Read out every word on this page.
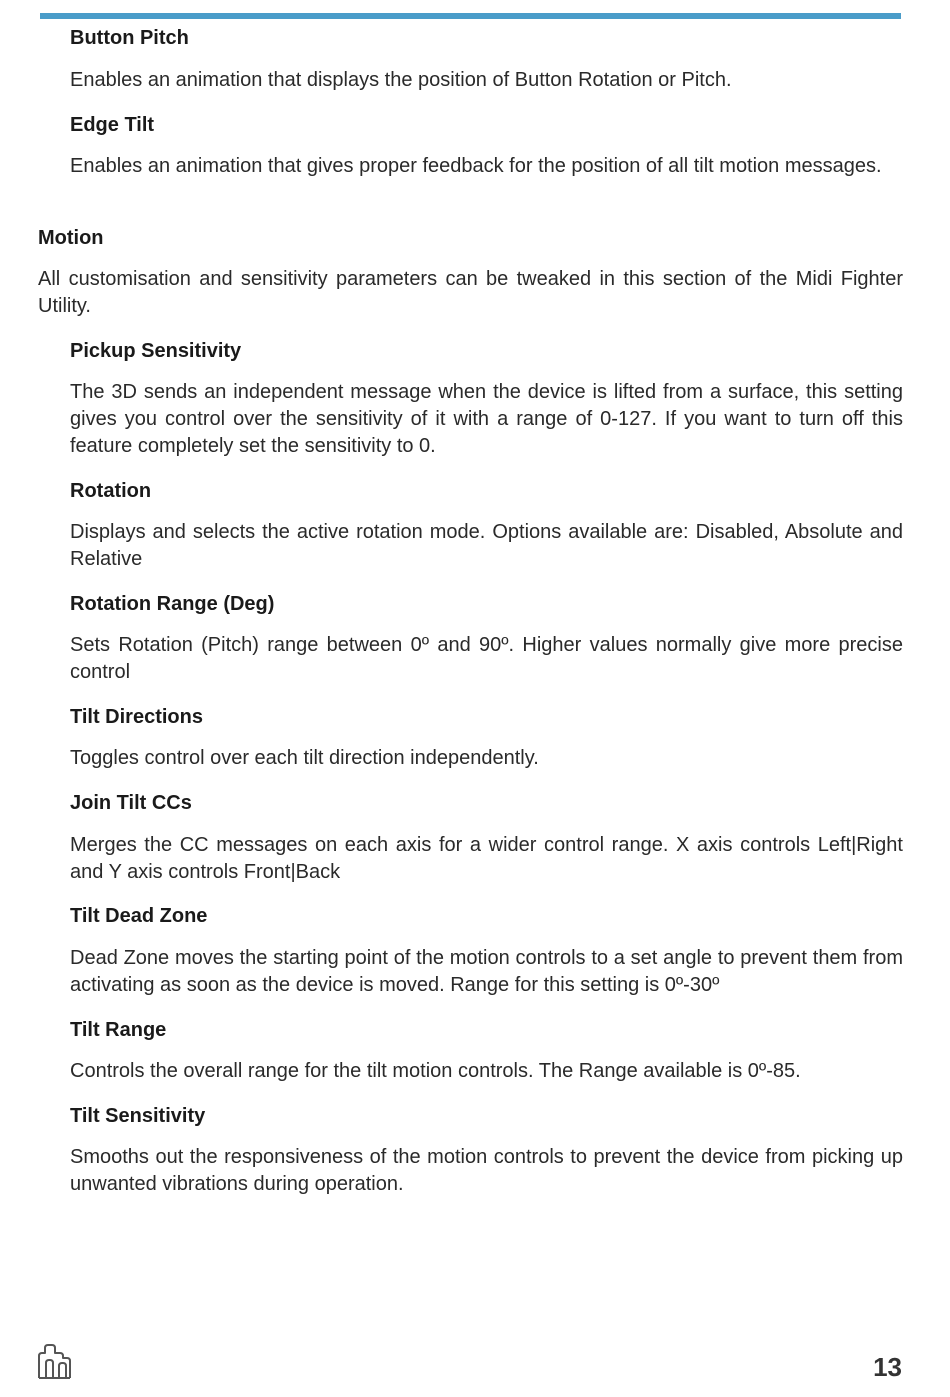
Button Pitch
Enables an animation that displays the position of Button Rotation or Pitch.
Edge Tilt
Enables an animation that gives proper feedback for the position of all tilt motion messages.
Motion
All customisation and sensitivity parameters can be tweaked in this section of the Midi Fighter Utility.
Pickup Sensitivity
The 3D sends an independent message when the device is lifted from a surface, this setting gives you control over the sensitivity of it with a range of 0-127. If you want to turn off this feature completely set the sensitivity to 0.
Rotation
Displays and selects the active rotation mode. Options available are: Disabled, Absolute and Relative
Rotation Range (Deg)
Sets Rotation (Pitch) range between 0º and 90º. Higher values normally give more precise control
Tilt Directions
Toggles control over each tilt direction independently.
Join Tilt CCs
Merges the CC messages on each axis for a wider control range. X axis controls Left|Right and Y axis controls Front|Back
Tilt Dead Zone
Dead Zone moves the starting point of the motion controls to a set angle to prevent them from activating as soon as the device is moved. Range for this setting is 0º-30º
Tilt Range
Controls the overall range for the tilt motion controls. The Range available is 0º-85.
Tilt Sensitivity
Smooths out the responsiveness of the motion controls to prevent the device from picking up unwanted vibrations during operation.
13
